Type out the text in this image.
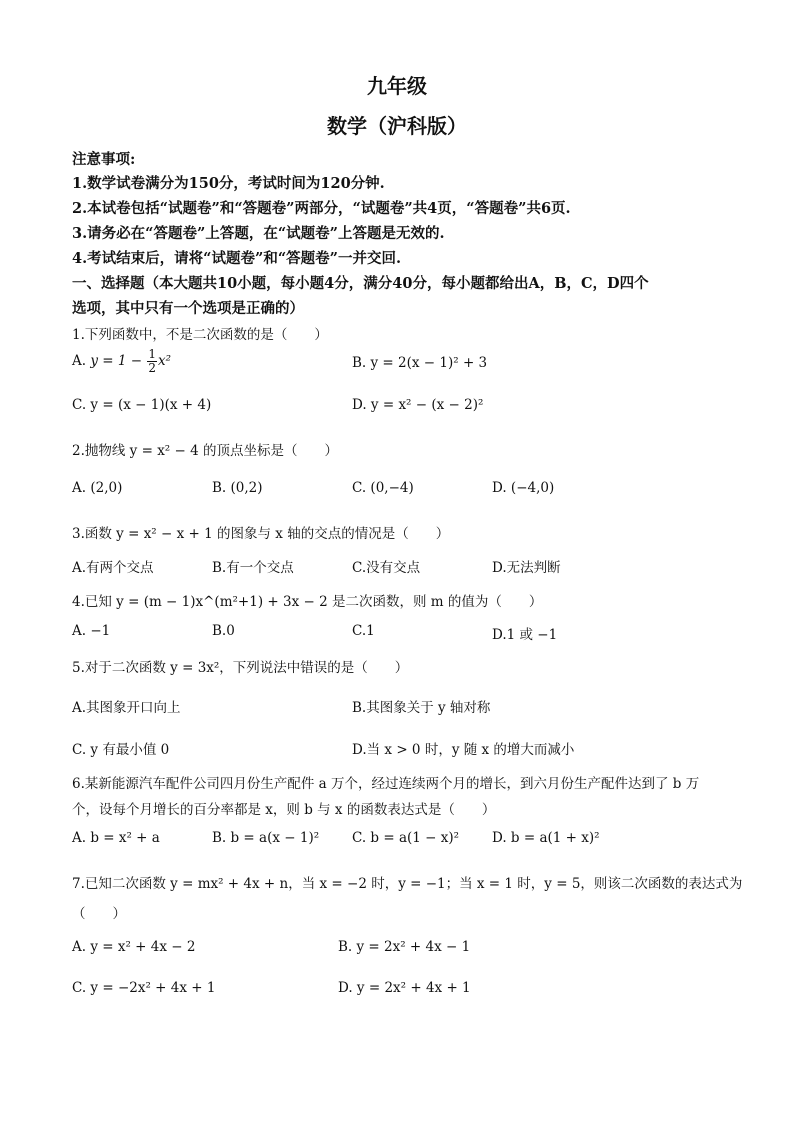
九年级
数学（沪科版）
注意事项:
1.数学试卷满分为150分，考试时间为120分钟.
2.本试卷包括“试题卷”和“答题卷”两部分，“试题卷”共4页，“答题卷”共6页.
3.请务必在“答题卷”上答题，在“试题卷”上答题是无效的.
4.考试结束后，请将“试题卷”和“答题卷”一并交回.
一、选择题（本大题共10小题，每小题4分，满分40分，每小题都给出A，B，C，D四个
选项，其中只有一个选项是正确的）
1.下列函数中，不是二次函数的是（　　）
A. $y = 1 - \frac{1}{2} x^2$	B. y = 2(x − 1)² + 3
C. y = (x − 1)(x + 4)	D. y = x² − (x − 2)²
2.抛物线 y = x² − 4 的顶点坐标是（　　）
A. (2,0)	B. (0,2)	C. (0,−4)	D. (−4,0)
3.函数 y = x² − x + 1 的图象与 x 轴的交点的情况是（　　）
A.有两个交点	B.有一个交点	C.没有交点	D.无法判断
4.已知 y = (m − 1)x^(m²+1) + 3x − 2 是二次函数，则 m 的值为（　　）
A. −1	B.0	C.1	D.1 或 −1
5.对于二次函数 y = 3x²，下列说法中错误的是（　　）
A.其图象开口向上	B.其图象关于 y 轴对称
C. y 有最小值 0	D.当 x > 0 时，y 随 x 的增大而减小
6.某新能源汽车配件公司四月份生产配件 a 万个，经过连续两个月的增长，到六月份生产配件达到了 b 万
个，设每个月增长的百分率都是 x，则 b 与 x 的函数表达式是（　　）
A. b = x² + a	B. b = a(x − 1)² C. b = a(1 − x)² D. b = a(1 + x)²
7.已知二次函数 y = mx² + 4x + n，当 x = −2 时，y = −1；当 x = 1 时，y = 5，则该二次函数的表达式为
（　　）
A. y = x² + 4x − 2	B. y = 2x² + 4x − 1
C. y = −2x² + 4x + 1	D. y = 2x² + 4x + 1
